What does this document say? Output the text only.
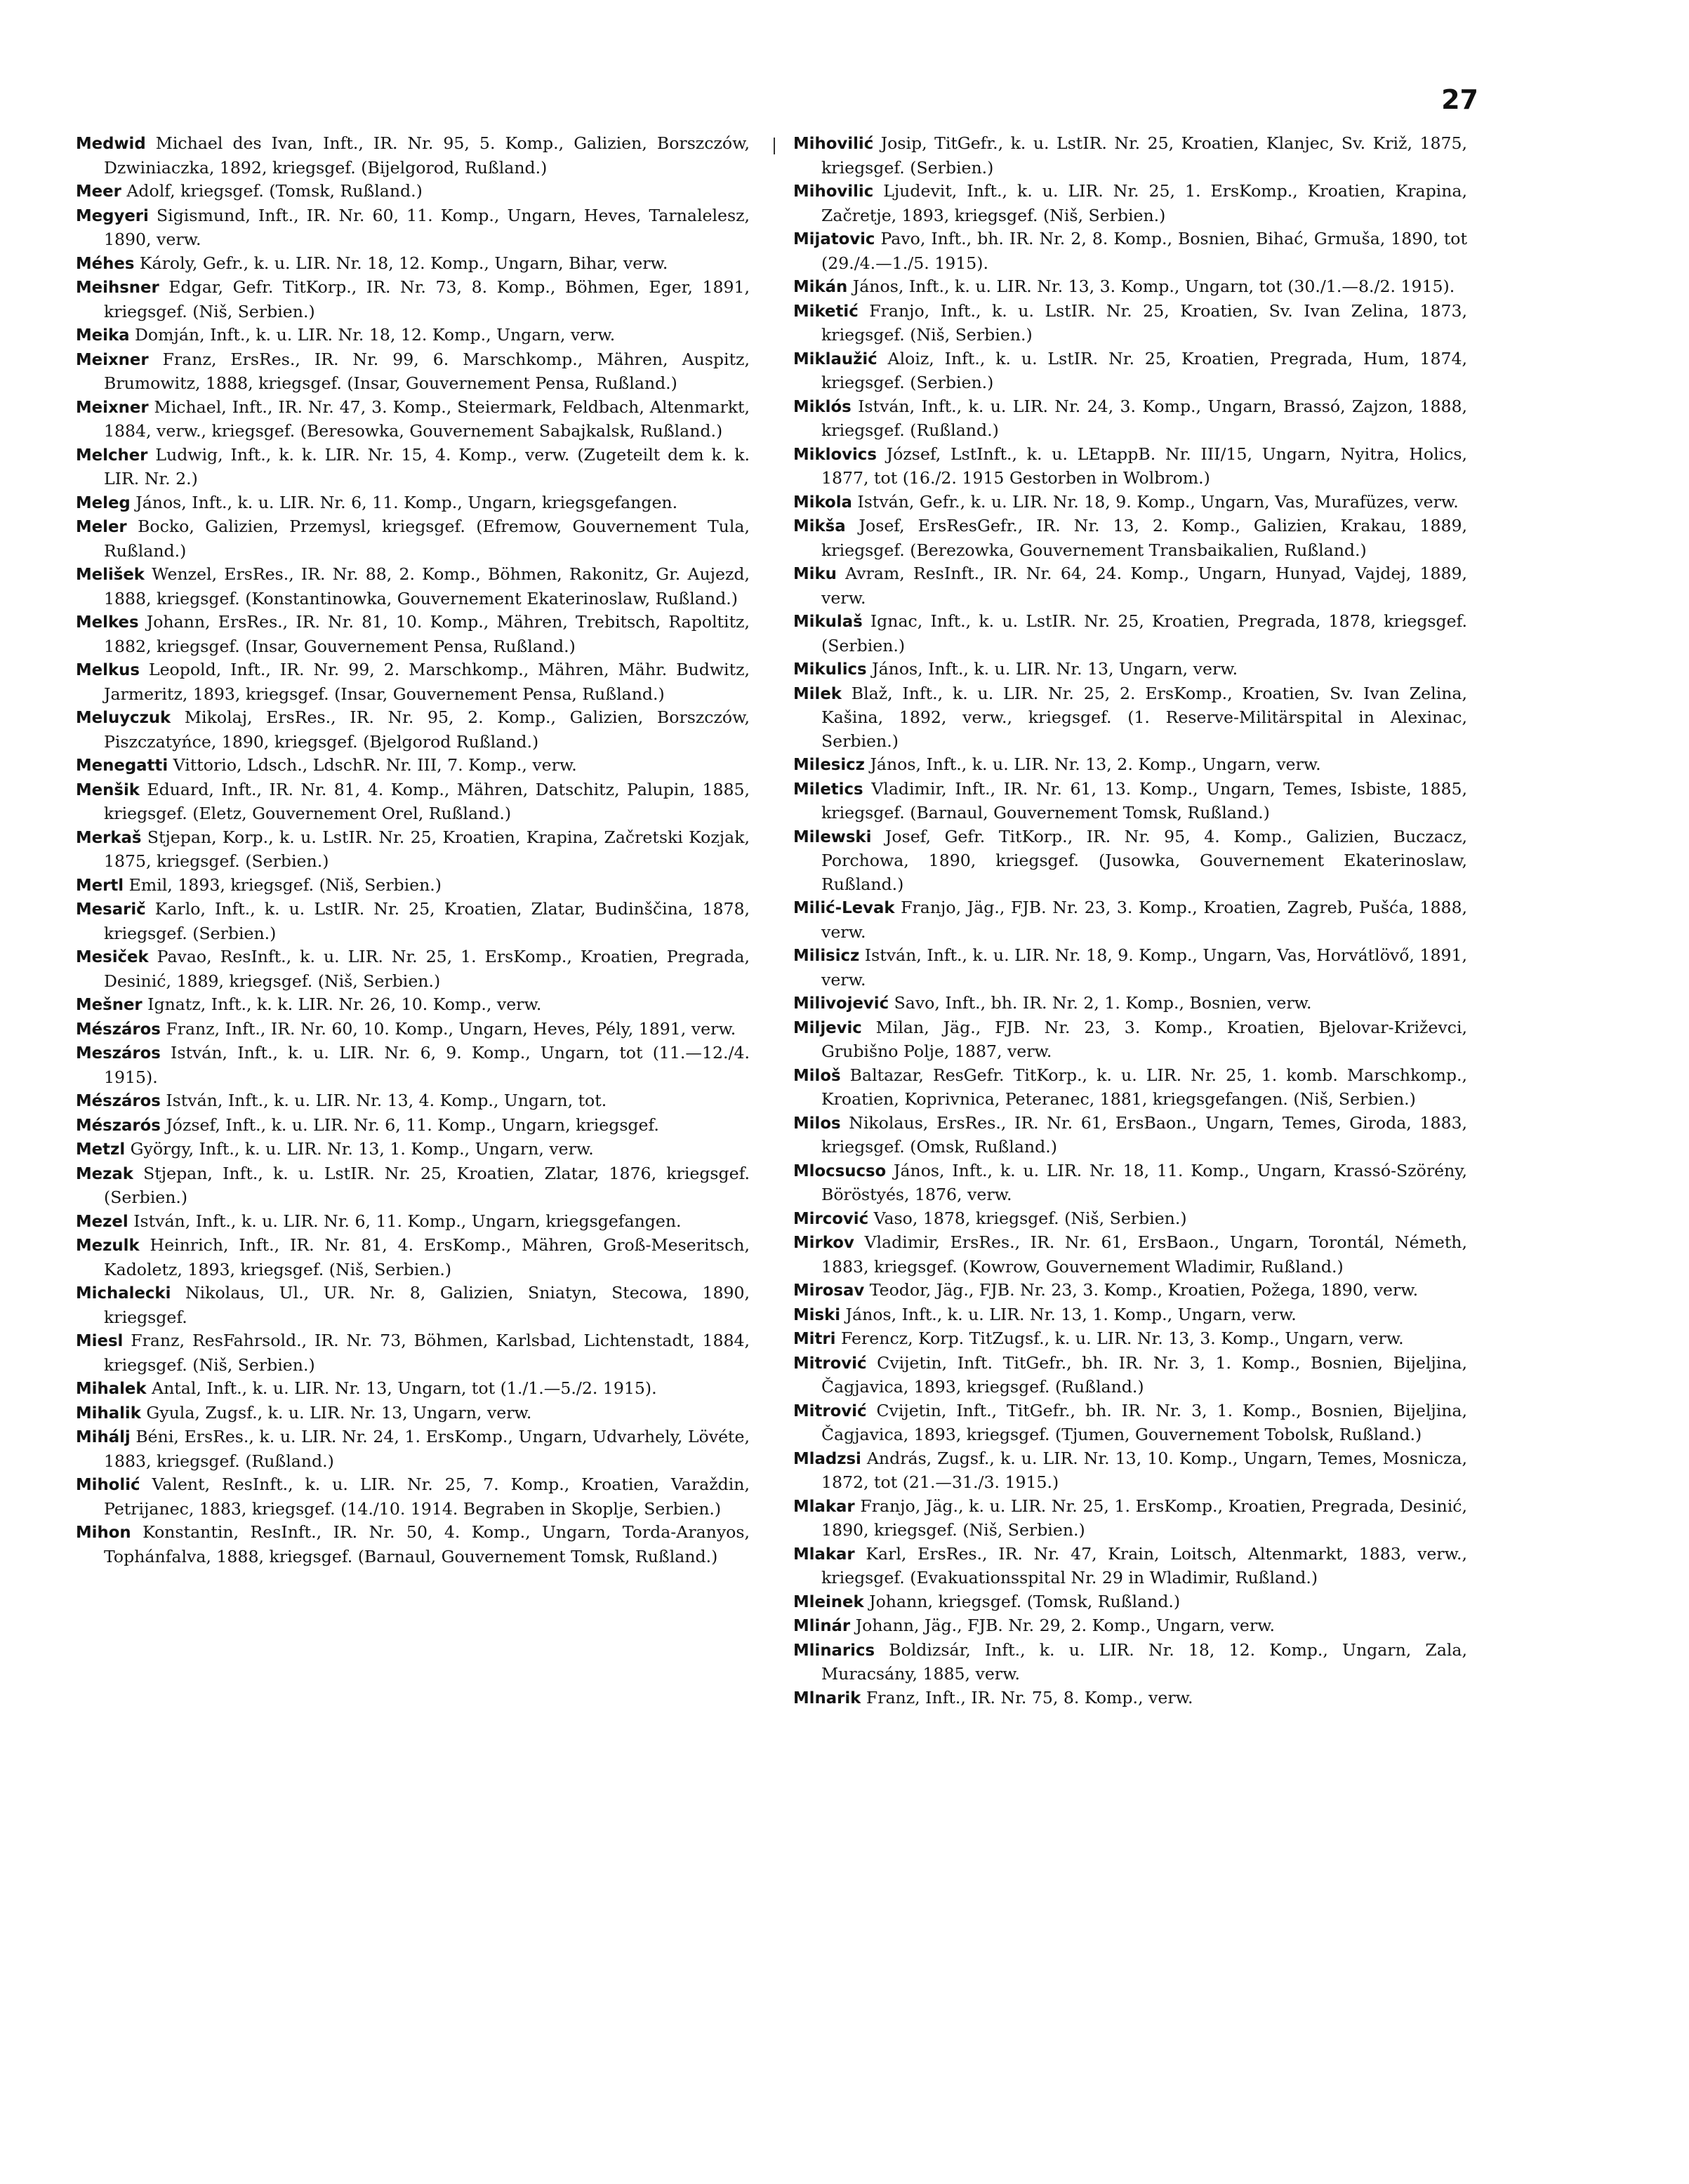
27

Medwid Michael des Ivan, Inft., IR. Nr. 95, 5. Komp., Galizien, Borszczów, Dzwiniaczka, 1892, kriegsgef. (Bijelgorod, Rußland.)

Meer Adolf, kriegsgef. (Tomsk, Rußland.)

Megyeri Sigismund, Inft., IR. Nr. 60, 11. Komp., Ungarn, Heves, Tarnalelesz, 1890, verw.

Méhes Károly, Gefr., k. u. LIR. Nr. 18, 12. Komp., Ungarn, Bihar, verw.

Meihsner Edgar, Gefr. TitKorp., IR. Nr. 73, 8. Komp., Böhmen, Eger, 1891, kriegsgef. (Niš, Serbien.)

Meika Domján, Inft., k. u. LIR. Nr. 18, 12. Komp., Ungarn, verw.

Meixner Franz, ErsRes., IR. Nr. 99, 6. Marschkomp., Mähren, Auspitz, Brumowitz, 1888, kriegsgef. (Insar, Gouvernement Pensa, Rußland.)

Meixner Michael, Inft., IR. Nr. 47, 3. Komp., Steiermark, Feldbach, Altenmarkt, 1884, verw., kriegsgef. (Beresowka, Gouvernement Sabajkalsk, Rußland.)

Melcher Ludwig, Inft., k. k. LIR. Nr. 15, 4. Komp., verw. (Zugeteilt dem k. k. LIR. Nr. 2.)

Meleg János, Inft., k. u. LIR. Nr. 6, 11. Komp., Ungarn, kriegsgefangen.

Meler Bocko, Galizien, Przemysl, kriegsgef. (Efremow, Gouvernement Tula, Rußland.)

Melišek Wenzel, ErsRes., IR. Nr. 88, 2. Komp., Böhmen, Rakonitz, Gr. Aujezd, 1888, kriegsgef. (Konstantinowka, Gouvernement Ekaterinoslaw, Rußland.)

Melkes Johann, ErsRes., IR. Nr. 81, 10. Komp., Mähren, Trebitsch, Rapoltitz, 1882, kriegsgef. (Insar, Gouvernement Pensa, Rußland.)

Melkus Leopold, Inft., IR. Nr. 99, 2. Marschkomp., Mähren, Mähr. Budwitz, Jarmeritz, 1893, kriegsgef. (Insar, Gouvernement Pensa, Rußland.)

Meluyczuk Mikolaj, ErsRes., IR. Nr. 95, 2. Komp., Galizien, Borszczów, Piszczatyńce, 1890, kriegsgef. (Bjelgorod Rußland.)

Menegatti Vittorio, Ldsch., LdschR. Nr. III, 7. Komp., verw.

Menšik Eduard, Inft., IR. Nr. 81, 4. Komp., Mähren, Datschitz, Palupin, 1885, kriegsgef. (Eletz, Gouvernement Orel, Rußland.)

Merkaš Stjepan, Korp., k. u. LstIR. Nr. 25, Kroatien, Krapina, Začretski Kozjak, 1875, kriegsgef. (Serbien.)

Mertl Emil, 1893, kriegsgef. (Niš, Serbien.)

Mesarič Karlo, Inft., k. u. LstIR. Nr. 25, Kroatien, Zlatar, Budinščina, 1878, kriegsgef. (Serbien.)

Mesiček Pavao, ResInft., k. u. LIR. Nr. 25, 1. ErsKomp., Kroatien, Pregrada, Desinić, 1889, kriegsgef. (Niš, Serbien.)

Mešner Ignatz, Inft., k. k. LIR. Nr. 26, 10. Komp., verw.

Mészáros Franz, Inft., IR. Nr. 60, 10. Komp., Ungarn, Heves, Pély, 1891, verw.

Meszáros István, Inft., k. u. LIR. Nr. 6, 9. Komp., Ungarn, tot (11.—12./4. 1915).

Mészáros István, Inft., k. u. LIR. Nr. 13, 4. Komp., Ungarn, tot.

Mészarós József, Inft., k. u. LIR. Nr. 6, 11. Komp., Ungarn, kriegsgef.

Metzl György, Inft., k. u. LIR. Nr. 13, 1. Komp., Ungarn, verw.

Mezak Stjepan, Inft., k. u. LstIR. Nr. 25, Kroatien, Zlatar, 1876, kriegsgef. (Serbien.)

Mezel István, Inft., k. u. LIR. Nr. 6, 11. Komp., Ungarn, kriegsgefangen.

Mezulk Heinrich, Inft., IR. Nr. 81, 4. ErsKomp., Mähren, Groß-Meseritsch, Kadoletz, 1893, kriegsgef. (Niš, Serbien.)

Michalecki Nikolaus, Ul., UR. Nr. 8, Galizien, Sniatyn, Stecowa, 1890, kriegsgef.

Miesl Franz, ResFahrsold., IR. Nr. 73, Böhmen, Karlsbad, Lichtenstadt, 1884, kriegsgef. (Niš, Serbien.)

Mihalek Antal, Inft., k. u. LIR. Nr. 13, Ungarn, tot (1./1.—5./2. 1915).

Mihalik Gyula, Zugsf., k. u. LIR. Nr. 13, Ungarn, verw.

Mihálj Béni, ErsRes., k. u. LIR. Nr. 24, 1. ErsKomp., Ungarn, Udvarhely, Lövéte, 1883, kriegsgef. (Rußland.)

Miholić Valent, ResInft., k. u. LIR. Nr. 25, 7. Komp., Kroatien, Varaždin, Petrijanec, 1883, kriegsgef. (14./10. 1914. Begraben in Skoplje, Serbien.)

Mihon Konstantin, ResInft., IR. Nr. 50, 4. Komp., Ungarn, Torda-Aranyos, Tophánfalva, 1888, kriegsgef. (Barnaul, Gouvernement Tomsk, Rußland.)

Mihovilić Josip, TitGefr., k. u. LstIR. Nr. 25, Kroatien, Klanjec, Sv. Križ, 1875, kriegsgef. (Serbien.)

Mihovilic Ljudevit, Inft., k. u. LIR. Nr. 25, 1. ErsKomp., Kroatien, Krapina, Začretje, 1893, kriegsgef. (Niš, Serbien.)

Mijatovic Pavo, Inft., bh. IR. Nr. 2, 8. Komp., Bosnien, Bihać, Grmuša, 1890, tot (29./4.—1./5. 1915).

Mikán János, Inft., k. u. LIR. Nr. 13, 3. Komp., Ungarn, tot (30./1.—8./2. 1915).

Miketić Franjo, Inft., k. u. LstIR. Nr. 25, Kroatien, Sv. Ivan Zelina, 1873, kriegsgef. (Niš, Serbien.)

Miklaužić Aloiz, Inft., k. u. LstIR. Nr. 25, Kroatien, Pregrada, Hum, 1874, kriegsgef. (Serbien.)

Miklós István, Inft., k. u. LIR. Nr. 24, 3. Komp., Ungarn, Brassó, Zajzon, 1888, kriegsgef. (Rußland.)

Miklovics József, LstInft., k. u. LEtappB. Nr. III/15, Ungarn, Nyitra, Holics, 1877, tot (16./2. 1915 Gestorben in Wolbrom.)

Mikola István, Gefr., k. u. LIR. Nr. 18, 9. Komp., Ungarn, Vas, Murafüzes, verw.

Mikša Josef, ErsResGefr., IR. Nr. 13, 2. Komp., Galizien, Krakau, 1889, kriegsgef. (Berezowka, Gouvernement Transbaikalien, Rußland.)

Miku Avram, ResInft., IR. Nr. 64, 24. Komp., Ungarn, Hunyad, Vajdej, 1889, verw.

Mikulaš Ignac, Inft., k. u. LstIR. Nr. 25, Kroatien, Pregrada, 1878, kriegsgef. (Serbien.)

Mikulics János, Inft., k. u. LIR. Nr. 13, Ungarn, verw.

Milek Blaž, Inft., k. u. LIR. Nr. 25, 2. ErsKomp., Kroatien, Sv. Ivan Zelina, Kašina, 1892, verw., kriegsgef. (1. Reserve-Militärspital in Alexinac, Serbien.)

Milesicz János, Inft., k. u. LIR. Nr. 13, 2. Komp., Ungarn, verw.

Miletics Vladimir, Inft., IR. Nr. 61, 13. Komp., Ungarn, Temes, Isbiste, 1885, kriegsgef. (Barnaul, Gouvernement Tomsk, Rußland.)

Milewski Josef, Gefr. TitKorp., IR. Nr. 95, 4. Komp., Galizien, Buczacz, Porchowa, 1890, kriegsgef. (Jusowka, Gouvernement Ekaterinoslaw, Rußland.)

Milić-Levak Franjo, Jäg., FJB. Nr. 23, 3. Komp., Kroatien, Zagreb, Pušća, 1888, verw.

Milisicz István, Inft., k. u. LIR. Nr. 18, 9. Komp., Ungarn, Vas, Horvátlövő, 1891, verw.

Milivojević Savo, Inft., bh. IR. Nr. 2, 1. Komp., Bosnien, verw.

Miljevic Milan, Jäg., FJB. Nr. 23, 3. Komp., Kroatien, Bjelovar-Križevci, Grubišno Polje, 1887, verw.

Miloš Baltazar, ResGefr. TitKorp., k. u. LIR. Nr. 25, 1. komb. Marschkomp., Kroatien, Koprivnica, Peteranec, 1881, kriegsgefangen. (Niš, Serbien.)

Milos Nikolaus, ErsRes., IR. Nr. 61, ErsBaon., Ungarn, Temes, Giroda, 1883, kriegsgef. (Omsk, Rußland.)

Mlocsucso János, Inft., k. u. LIR. Nr. 18, 11. Komp., Ungarn, Krassó-Szörény, Böröstyés, 1876, verw.

Mircović Vaso, 1878, kriegsgef. (Niš, Serbien.)

Mirkov Vladimir, ErsRes., IR. Nr. 61, ErsBaon., Ungarn, Torontál, Németh, 1883, kriegsgef. (Kowrow, Gouvernement Wladimir, Rußland.)

Mirosav Teodor, Jäg., FJB. Nr. 23, 3. Komp., Kroatien, Požega, 1890, verw.

Miski János, Inft., k. u. LIR. Nr. 13, 1. Komp., Ungarn, verw.

Mitri Ferencz, Korp. TitZugsf., k. u. LIR. Nr. 13, 3. Komp., Ungarn, verw.

Mitrović Cvijetin, Inft. TitGefr., bh. IR. Nr. 3, 1. Komp., Bosnien, Bijeljina, Čagjavica, 1893, kriegsgef. (Rußland.)

Mitrović Cvijetin, Inft., TitGefr., bh. IR. Nr. 3, 1. Komp., Bosnien, Bijeljina, Čagjavica, 1893, kriegsgef. (Tjumen, Gouvernement Tobolsk, Rußland.)

Mladzsi András, Zugsf., k. u. LIR. Nr. 13, 10. Komp., Ungarn, Temes, Mosnicza, 1872, tot (21.—31./3. 1915.)

Mlakar Franjo, Jäg., k. u. LIR. Nr. 25, 1. ErsKomp., Kroatien, Pregrada, Desinić, 1890, kriegsgef. (Niš, Serbien.)

Mlakar Karl, ErsRes., IR. Nr. 47, Krain, Loitsch, Altenmarkt, 1883, verw., kriegsgef. (Evakuationsspital Nr. 29 in Wladimir, Rußland.)

Mleinek Johann, kriegsgef. (Tomsk, Rußland.)

Mlinár Johann, Jäg., FJB. Nr. 29, 2. Komp., Ungarn, verw.

Mlinarics Boldizsár, Inft., k. u. LIR. Nr. 18, 12. Komp., Ungarn, Zala, Muracsány, 1885, verw.

Mlnarik Franz, Inft., IR. Nr. 75, 8. Komp., verw.
